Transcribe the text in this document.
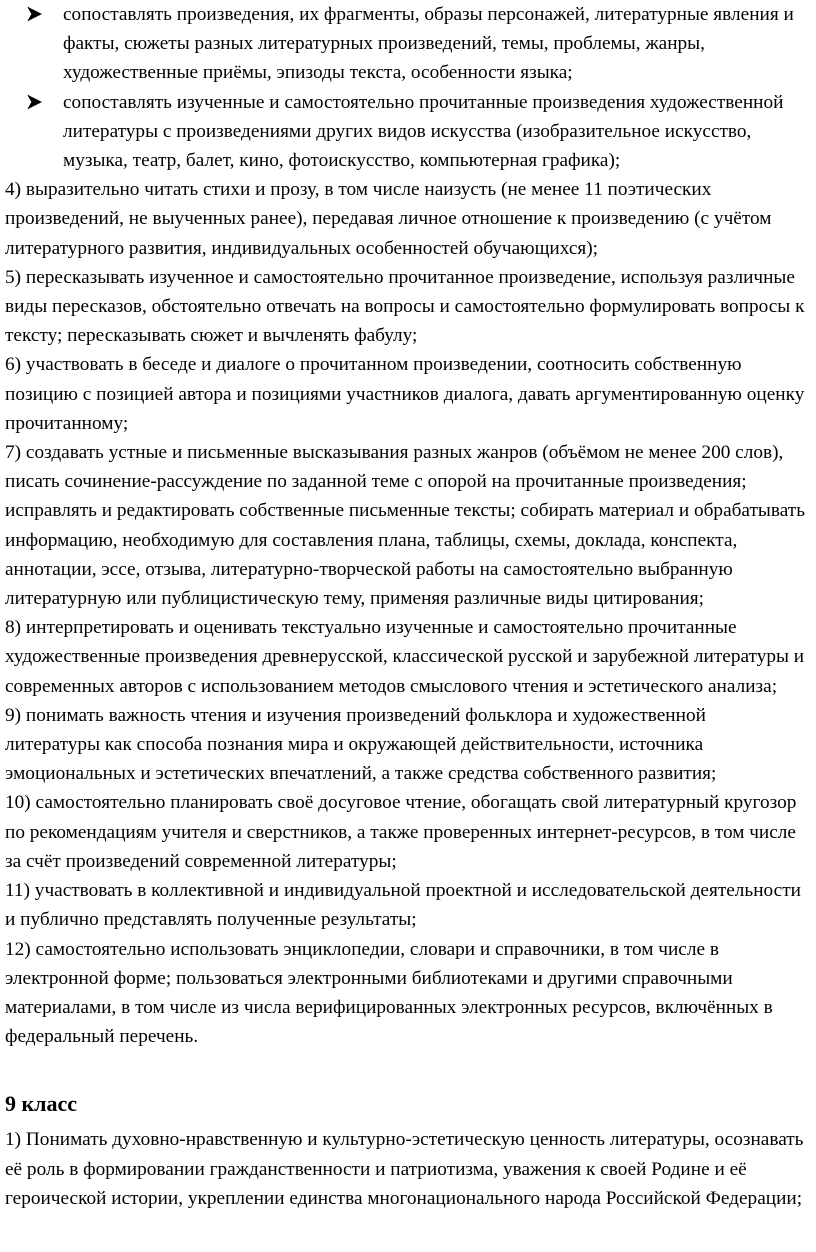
сопоставлять произведения, их фрагменты, образы персонажей, литературные явления и факты, сюжеты разных литературных произведений, темы, проблемы, жанры, художественные приёмы, эпизоды текста, особенности языка;
сопоставлять изученные и самостоятельно прочитанные произведения художественной литературы с произведениями других видов искусства (изобразительное искусство, музыка, театр, балет, кино, фотоискусство, компьютерная графика);

4) выразительно читать стихи и прозу, в том числе наизусть (не менее 11 поэтических произведений, не выученных ранее), передавая личное отношение к произведению (с учётом литературного развития, индивидуальных особенностей обучающихся);

5) пересказывать изученное и самостоятельно прочитанное произведение, используя различные виды пересказов, обстоятельно отвечать на вопросы и самостоятельно формулировать вопросы к тексту; пересказывать сюжет и вычленять фабулу;

6) участвовать в беседе и диалоге о прочитанном произведении, соотносить собственную позицию с позицией автора и позициями участников диалога, давать аргументированную оценку прочитанному;

7) создавать устные и письменные высказывания разных жанров (объёмом не менее 200 слов), писать сочинение-рассуждение по заданной теме с опорой на прочитанные произведения; исправлять и редактировать собственные письменные тексты; собирать материал и обрабатывать информацию, необходимую для составления плана, таблицы, схемы, доклада, конспекта, аннотации, эссе, отзыва, литературно-творческой работы на самостоятельно выбранную литературную или публицистическую тему, применяя различные виды цитирования;

8) интерпретировать и оценивать текстуально изученные и самостоятельно прочитанные художественные произведения древнерусской, классической русской и зарубежной литературы и современных авторов с использованием методов смыслового чтения и эстетического анализа;

9) понимать важность чтения и изучения произведений фольклора и художественной литературы как способа познания мира и окружающей действительности, источника эмоциональных и эстетических впечатлений, а также средства собственного развития;

10) самостоятельно планировать своё досуговое чтение, обогащать свой литературный кругозор по рекомендациям учителя и сверстников, а также проверенных интернет-ресурсов, в том числе за счёт произведений современной литературы;

11) участвовать в коллективной и индивидуальной проектной и исследовательской деятельности и публично представлять полученные результаты;

12) самостоятельно использовать энциклопедии, словари и справочники, в том числе в электронной форме; пользоваться электронными библиотеками и другими справочными материалами, в том числе из числа верифицированных электронных ресурсов, включённых в федеральный перечень.

9 класс

1) Понимать духовно-нравственную и культурно-эстетическую ценность литературы, осознавать её роль в формировании гражданственности и патриотизма, уважения к своей Родине и её героической истории, укреплении единства многонационального народа Российской Федерации;
